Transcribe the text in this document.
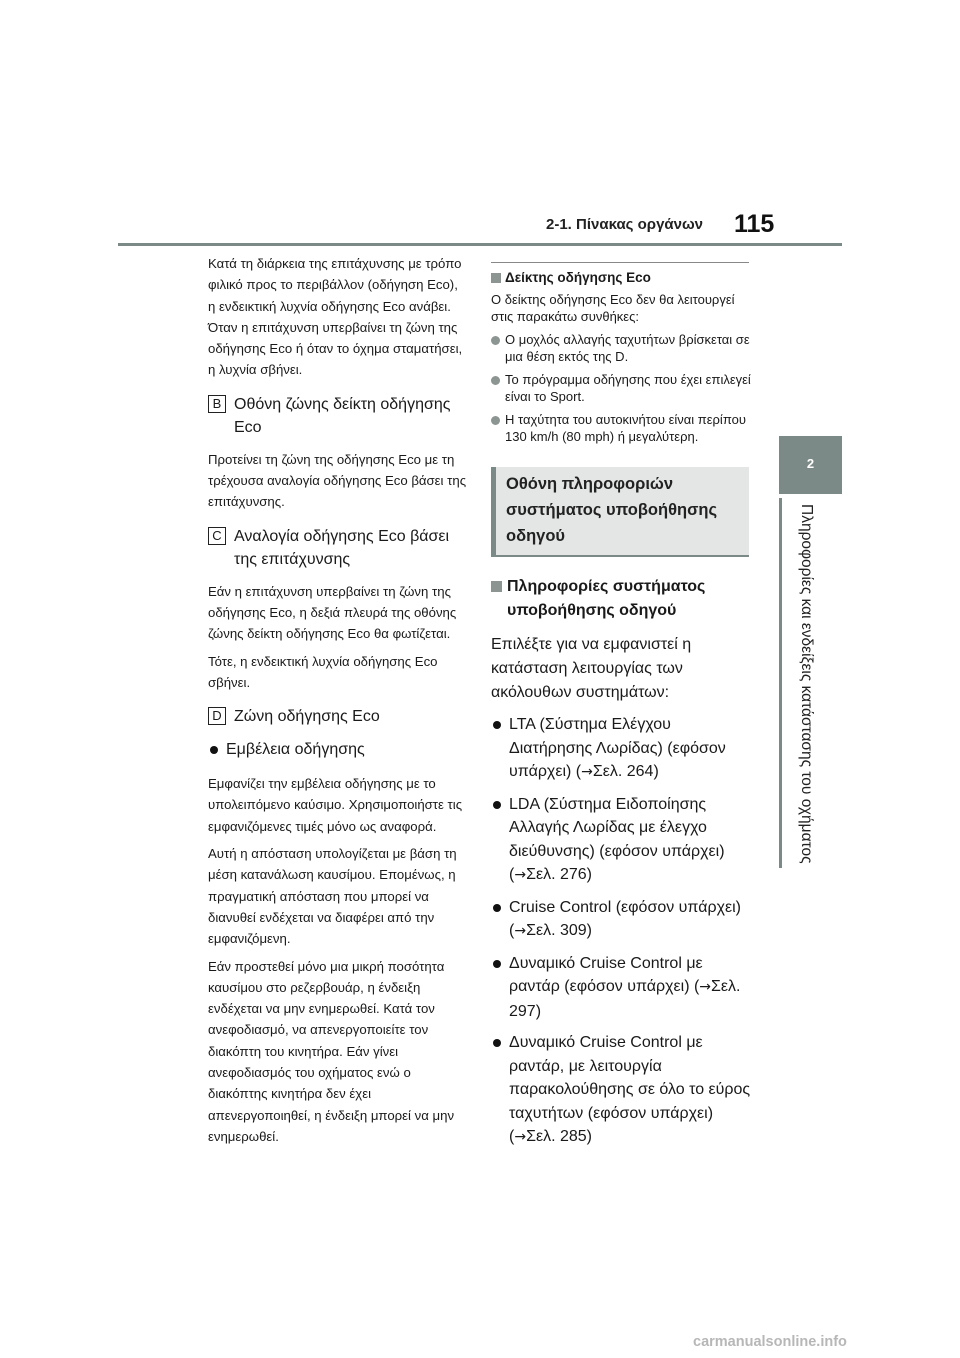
2-1. Πίνακας οργάνων 115
2
Πληροφορίες και ενδείξεις κατάστασης του οχήματος

Κατά τη διάρκεια της επιτάχυνσης με τρόπο φιλικό προς το περιβάλλον (οδήγηση Eco), η ενδεικτική λυχνία οδήγησης Eco ανάβει. Όταν η επιτάχυνση υπερβαίνει τη ζώνη της οδήγησης Eco ή όταν το όχημα σταματήσει, η λυχνία σβήνει.

B Οθόνη ζώνης δείκτη οδήγησης Eco

Προτείνει τη ζώνη της οδήγησης Eco με τη τρέχουσα αναλογία οδήγησης Eco βάσει της επιτάχυνσης.

C Αναλογία οδήγησης Eco βάσει της επιτάχυνσης

Εάν η επιτάχυνση υπερβαίνει τη ζώνη της οδήγησης Eco, η δεξιά πλευρά της οθόνης ζώνης δείκτη οδήγησης Eco θα φωτίζεται.

Τότε, η ενδεικτική λυχνία οδήγησης Eco σβήνει.

D Ζώνη οδήγησης Eco
Εμβέλεια οδήγησης

Εμφανίζει την εμβέλεια οδήγησης με το υπολειπόμενο καύσιμο. Χρησιμοποιήστε τις εμφανιζόμενες τιμές μόνο ως αναφορά.

Αυτή η απόσταση υπολογίζεται με βάση τη μέση κατανάλωση καυσίμου. Επομένως, η πραγματική απόσταση που μπορεί να διανυθεί ενδέχεται να διαφέρει από την εμφανιζόμενη.

Εάν προστεθεί μόνο μια μικρή ποσότητα καυσίμου στο ρεζερβουάρ, η ένδειξη ενδέχεται να μην ενημερωθεί. Κατά τον ανεφοδιασμό, να απενεργοποιείτε τον διακόπτη του κινητήρα. Εάν γίνει ανεφοδιασμός του οχήματος ενώ ο διακόπτης κινητήρα δεν έχει απενεργοποιηθεί, η ένδειξη μπορεί να μην ενημερωθεί.

Δείκτης οδήγησης Eco

Ο δείκτης οδήγησης Eco δεν θα λειτουργεί στις παρακάτω συνθήκες:

Ο μοχλός αλλαγής ταχυτήτων βρίσκεται σε μια θέση εκτός της D.
Το πρόγραμμα οδήγησης που έχει επιλεγεί είναι το Sport.
Η ταχύτητα του αυτοκινήτου είναι περίπου 130 km/h (80 mph) ή μεγαλύτερη.
Οθόνη πληροφοριών συστήματος υποβοήθησης οδηγού
Πληροφορίες συστήματος υποβοήθησης οδηγού

Επιλέξτε για να εμφανιστεί η κατάσταση λειτουργίας των ακόλουθων συστημάτων:

LTA (Σύστημα Ελέγχου Διατήρησης Λωρίδας) (εφόσον υπάρχει) (→Σελ. 264)
LDA (Σύστημα Ειδοποίησης Αλλαγής Λωρίδας με έλεγχο διεύθυνσης) (εφόσον υπάρχει) (→Σελ. 276)
Cruise Control (εφόσον υπάρχει) (→Σελ. 309)
Δυναμικό Cruise Control με ραντάρ (εφόσον υπάρχει) (→Σελ. 297)
Δυναμικό Cruise Control με ραντάρ, με λειτουργία παρακολούθησης σε όλο το εύρος ταχυτήτων (εφόσον υπάρχει) (→Σελ. 285)
carmanualsonline.info
